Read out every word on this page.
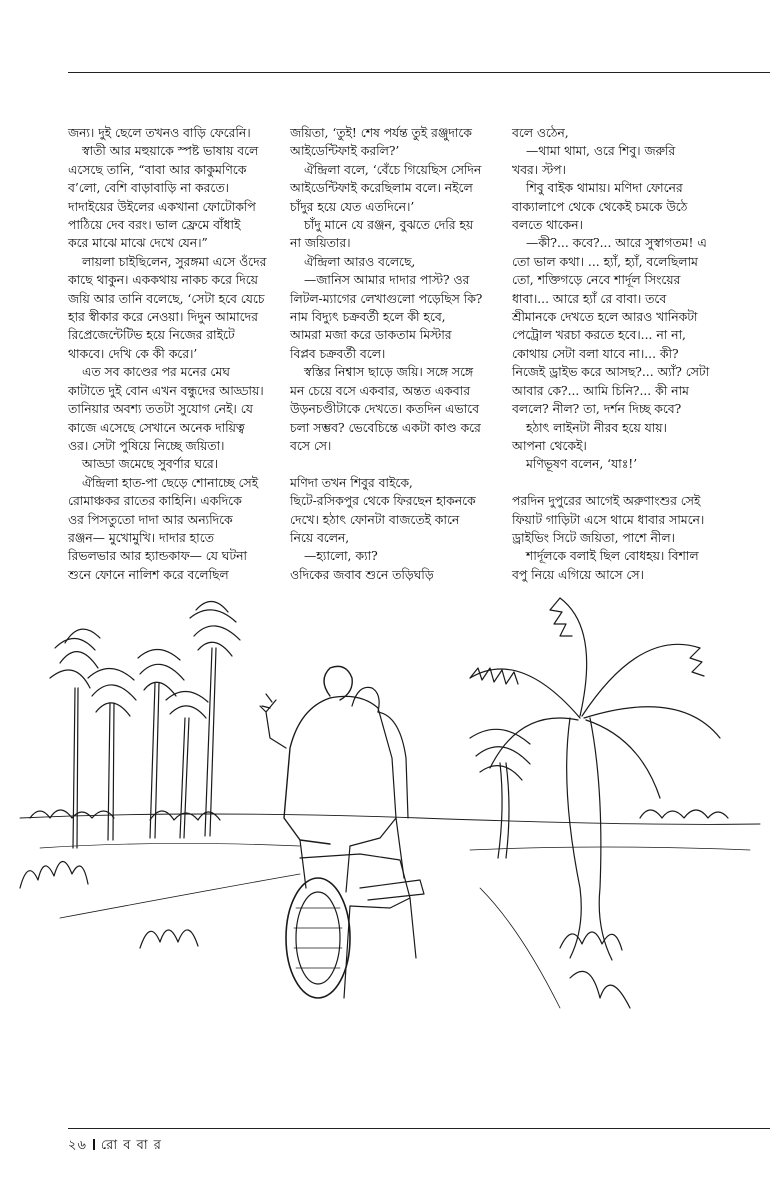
জন্য। দুই ছেলে তখনও বাড়ি ফেরেনি।

স্বাতী আর মহুয়াকে স্পষ্ট ভাষায় বলে

এসেছে তানি, “বাবা আর কাকুমণিকে

ব’লো, বেশি বাড়াবাড়ি না করতে।

দাদাইয়ের উইলের একখানা ফোটোকপি

পাঠিয়ে দেব বরং। ভাল ফ্রেমে বাঁধাই

করে মাঝে মাঝে দেখে যেন।”

লায়লা চাইছিলেন, সুরঙ্গমা এসে ওঁদের

কাছে থাকুন। এককথায় নাকচ করে দিয়ে

জয়ি আর তানি বলেছে, ‘সেটা হবে যেচে

হার স্বীকার করে নেওয়া। দিদুন আমাদের

রিপ্রেজেন্টেটিভ হয়ে নিজের রাইটে

থাকবে। দেখি কে কী করে।’

এত সব কাণ্ডের পর মনের মেঘ

কাটাতে দুই বোন এখন বন্ধুদের আড্ডায়।

তানিয়ার অবশ্য ততটা সুযোগ নেই। যে

কাজে এসেছে সেখানে অনেক দায়িত্ব

ওর। সেটা পুষিয়ে নিচ্ছে জয়িতা।

আড্ডা জমেছে সুবর্ণার ঘরে।

ঐন্দ্রিলা হাত-পা ছেড়ে শোনাচ্ছে সেই

রোমাঞ্চকর রাতের কাহিনি। একদিকে

ওর পিসতুতো দাদা আর অন্যদিকে

রঞ্জন— মুখোমুখি। দাদার হাতে

রিভলভার আর হ্যান্ডকাফ— যে ঘটনা

শুনে ফোনে নালিশ করে বলেছিল

জয়িতা, ‘তুই! শেষ পর্যন্ত তুই রঞ্জুদাকে

আইডেন্টিফাই করলি?’

ঐন্দ্রিলা বলে, ‘বেঁচে গিয়েছিস সেদিন

আইডেন্টিফাই করেছিলাম বলে। নইলে

চাঁদুর হয়ে যেত এতদিনে।’

চাঁদু মানে যে রঞ্জন, বুঝতে দেরি হয়

না জয়িতার।

ঐন্দ্রিলা আরও বলেছে,

—জানিস আমার দাদার পাস্ট? ওর

লিটল-ম্যাগের লেখাগুলো পড়েছিস কি?

নাম বিদ্যুৎ চক্রবর্তী হলে কী হবে,

আমরা মজা করে ডাকতাম মিস্টার

বিপ্লব চক্রবর্তী বলে।

স্বস্তির নিশ্বাস ছাড়ে জয়ি। সঙ্গে সঙ্গে

মন চেয়ে বসে একবার, অন্তত একবার

উড়নচণ্ডীটাকে দেখতে। কতদিন এভাবে

চলা সম্ভব? ভেবেচিন্তে একটা কাণ্ড করে

বসে সে।

মণিদা তখন শিবুর বাইকে,

ছিটে-রসিকপুর থেকে ফিরছেন হাকনকে

দেখে। হঠাৎ ফোনটা বাজতেই কানে

নিয়ে বলেন,

—হ্যালো, ক্যা?

ওদিকের জবাব শুনে তড়িঘড়ি

বলে ওঠেন,

—থামা থামা, ওরে শিবু। জরুরি

খবর। স্টপ।

শিবু বাইক থামায়। মণিদা ফোনের

বাক্যালাপে থেকে থেকেই চমকে উঠে

বলতে থাকেন।

—কী?... কবে?... আরে সুস্বাগতম! এ

তো ভাল কথা। ... হ্যাঁ, হ্যাঁ, বলেছিলাম

তো, শক্তিগড়ে নেবে শার্দূল সিংয়ের

ধাবা।... আরে হ্যাঁ রে বাবা। তবে

শ্রীমানকে দেখতে হলে আরও খানিকটা

পেট্রোল খরচা করতে হবে।... না না,

কোথায় সেটা বলা যাবে না।... কী?

নিজেই ড্রাইভ করে আসছ?... অ্যাঁ? সেটা

আবার কে?... আমি চিনি?... কী নাম

বললে? নীল? তা, দর্শন দিচ্ছ কবে?

হঠাৎ লাইনটা নীরব হয়ে যায়।

আপনা থেকেই।

মণিভূষণ বলেন, ‘যাঃ!’

পরদিন দুপুরের আগেই অরুণাংশুর সেই

ফিয়াট গাড়িটা এসে থামে ধাবার সামনে।

ড্রাইভিং সিটে জয়িতা, পাশে নীল।

শার্দূলকে বলাই ছিল বোধহয়। বিশাল

বপু নিয়ে এগিয়ে আসে সে।

২৬ রো ব বা র
